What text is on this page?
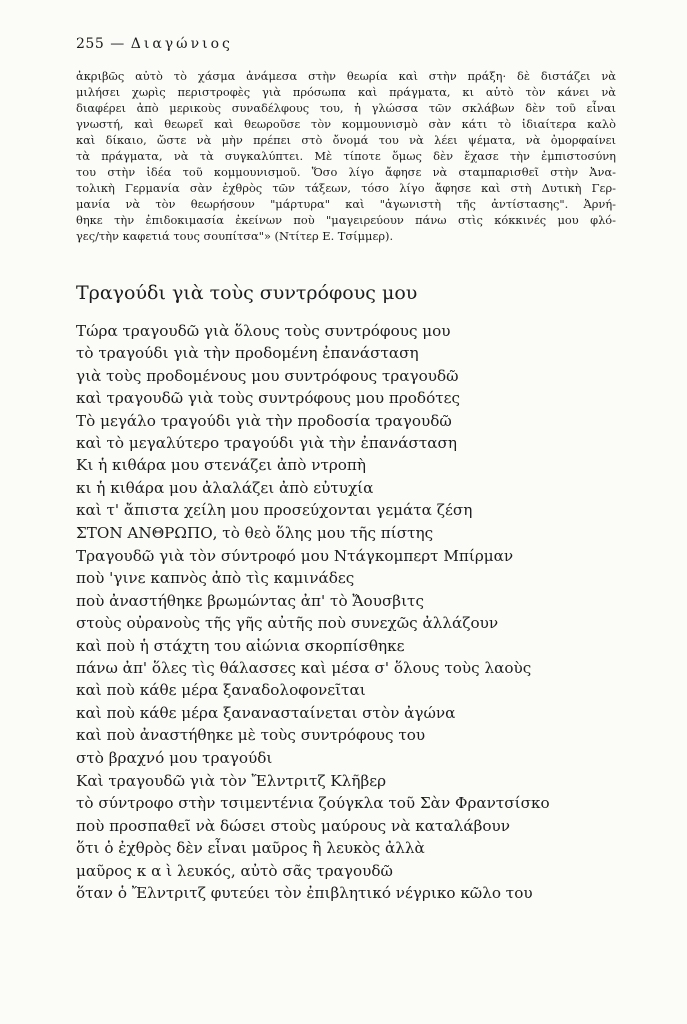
255 — Διαγώνιος
ἀκριβῶς αὐτὸ τὸ χάσμα ἀνάμεσα στὴν θεωρία καὶ στὴν πράξη· δὲ διστάζει νὰ
μιλήσει χωρὶς περιστροφὲς γιὰ πρόσωπα καὶ πράγματα, κι αὐτὸ τὸν κάνει νὰ
διαφέρει ἀπὸ μερικοὺς συναδέλφους του, ἡ γλώσσα τῶν σκλάβων δὲν τοῦ εἶναι
γνωστή, καὶ θεωρεῖ καὶ θεωροῦσε τὸν κομμουνισμὸ σὰν κάτι τὸ ἰδιαίτερα καλὸ
καὶ δίκαιο, ὥστε νὰ μὴν πρέπει στὸ ὄνομά του νὰ λέει ψέματα, νὰ ὀμορφαίνει
τὰ πράγματα, νὰ τὰ συγκαλύπτει. Μὲ τίποτε ὅμως δὲν ἔχασε τὴν ἐμπιστοσύνη
του στὴν ἰδέα τοῦ κομμουνισμοῦ. Ὅσο λίγο ἄφησε νὰ σταμπαρισθεῖ στὴν Ἀνα-
τολικὴ Γερμανία σὰν ἐχθρὸς τῶν τάξεων, τόσο λίγο ἄφησε καὶ στὴ Δυτικὴ Γερ-
μανία νὰ τὸν θεωρήσουν "μάρτυρα" καὶ "ἀγωνιστὴ τῆς ἀντίστασης". Ἀρνή-
θηκε τὴν ἐπιδοκιμασία ἐκείνων ποὺ "μαγειρεύουν πάνω στὶς κόκκινές μου φλό-
γες/τὴν καφετιά τους σουπίτσα"» (Ντίτερ Ε. Τσίμμερ).
Τραγούδι γιὰ τοὺς συντρόφους μου
Τώρα τραγουδῶ γιὰ ὅλους τοὺς συντρόφους μου
τὸ τραγούδι γιὰ τὴν προδομένη ἐπανάσταση
γιὰ τοὺς προδομένους μου συντρόφους τραγουδῶ
καὶ τραγουδῶ γιὰ τοὺς συντρόφους μου προδότες
Τὸ μεγάλο τραγούδι γιὰ τὴν προδοσία τραγουδῶ
καὶ τὸ μεγαλύτερο τραγούδι γιὰ τὴν ἐπανάσταση
Κι ἡ κιθάρα μου στενάζει ἀπὸ ντροπὴ
κι ἡ κιθάρα μου ἀλαλάζει ἀπὸ εὐτυχία
καὶ τ' ἄπιστα χείλη μου προσεύχονται γεμάτα ζέση
ΣΤΟΝ ΑΝΘΡΩΠΟ, τὸ θεὸ ὅλης μου τῆς πίστης
Τραγουδῶ γιὰ τὸν σύντροφό μου Ντάγκομπερτ Μπίρμαν
ποὺ 'γινε καπνὸς ἀπὸ τὶς καμινάδες
ποὺ ἀναστήθηκε βρωμώντας ἀπ' τὸ Ἄουσβιτς
στοὺς οὐρανοὺς τῆς γῆς αὐτῆς ποὺ συνεχῶς ἀλλάζουν
καὶ ποὺ ἡ στάχτη του αἰώνια σκορπίσθηκε
πάνω ἀπ' ὅλες τὶς θάλασσες καὶ μέσα σ' ὅλους τοὺς λαοὺς
καὶ ποὺ κάθε μέρα ξαναδολοφονεῖται
καὶ ποὺ κάθε μέρα ξανανασταίνεται στὸν ἀγώνα
καὶ ποὺ ἀναστήθηκε μὲ τοὺς συντρόφους του
στὸ βραχνό μου τραγούδι
Καὶ τραγουδῶ γιὰ τὸν Ἔλντριτζ Κλῆβερ
τὸ σύντροφο στὴν τσιμεντένια ζούγκλα τοῦ Σὰν Φραντσίσκο
ποὺ προσπαθεῖ νὰ δώσει στοὺς μαύρους νὰ καταλάβουν
ὅτι ὁ ἐχθρὸς δὲν εἶναι μαῦρος ἢ λευκὸς ἀλλὰ
μαῦρος κ α ὶ λευκός, αὐτὸ σᾶς τραγουδῶ
ὅταν ὁ Ἔλντριτζ φυτεύει τὸν ἐπιβλητικό νέγρικο κῶλο του
